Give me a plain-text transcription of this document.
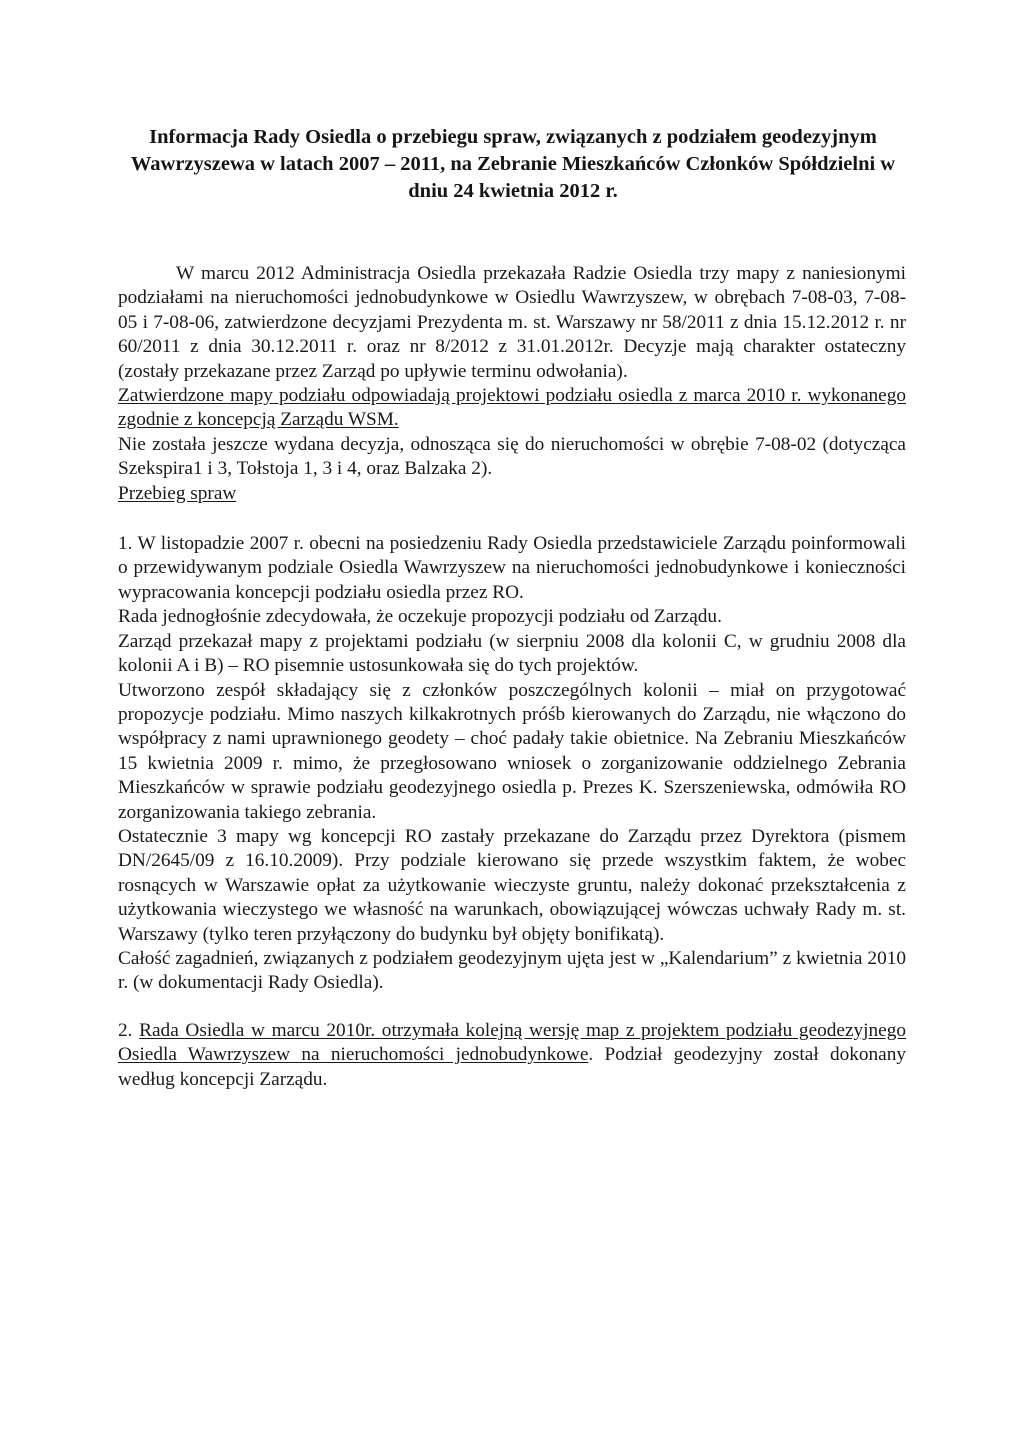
Informacja Rady Osiedla o przebiegu spraw, związanych z podziałem geodezyjnym Wawrzyszewa w latach 2007 – 2011, na Zebranie Mieszkańców Członków Spółdzielni w dniu 24 kwietnia 2012 r.

W marcu 2012 Administracja Osiedla przekazała Radzie Osiedla trzy mapy z naniesionymi podziałami na nieruchomości jednobudynkowe w Osiedlu Wawrzyszew, w obrębach 7-08-03, 7-08-05 i 7-08-06, zatwierdzone decyzjami Prezydenta m. st. Warszawy nr 58/2011 z dnia 15.12.2012 r. nr 60/2011 z dnia 30.12.2011 r. oraz nr 8/2012 z 31.01.2012r. Decyzje mają charakter ostateczny (zostały przekazane przez Zarząd po upływie terminu odwołania).

Zatwierdzone mapy podziału odpowiadają projektowi podziału osiedla z marca 2010 r. wykonanego zgodnie z koncepcją Zarządu WSM.

Nie została jeszcze wydana decyzja, odnosząca się do nieruchomości w obrębie 7-08-02 (dotycząca Szekspira1 i 3, Tołstoja 1, 3 i 4, oraz Balzaka 2).

Przebieg spraw

1. W listopadzie 2007 r. obecni na posiedzeniu Rady Osiedla przedstawiciele Zarządu poinformowali o przewidywanym podziale Osiedla Wawrzyszew na nieruchomości jednobudynkowe i konieczności wypracowania koncepcji podziału osiedla przez RO.

Rada jednogłośnie zdecydowała, że oczekuje propozycji podziału od Zarządu.

Zarząd przekazał mapy z projektami podziału (w sierpniu 2008 dla kolonii C, w grudniu 2008 dla kolonii A i B) – RO pisemnie ustosunkowała się do tych projektów.

Utworzono zespół składający się z członków poszczególnych kolonii – miał on przygotować propozycje podziału. Mimo naszych kilkakrotnych próśb kierowanych do Zarządu, nie włączono do współpracy z nami uprawnionego geodety – choć padały takie obietnice. Na Zebraniu Mieszkańców 15 kwietnia 2009 r. mimo, że przegłosowano wniosek o zorganizowanie oddzielnego Zebrania Mieszkańców w sprawie podziału geodezyjnego osiedla p. Prezes K. Szerszeniewska, odmówiła RO zorganizowania takiego zebrania.

Ostatecznie 3 mapy wg koncepcji RO zastały przekazane do Zarządu przez Dyrektora (pismem DN/2645/09 z 16.10.2009). Przy podziale kierowano się przede wszystkim faktem, że wobec rosnących w Warszawie opłat za użytkowanie wieczyste gruntu, należy dokonać przekształcenia z użytkowania wieczystego we własność na warunkach, obowiązującej wówczas uchwały Rady m. st. Warszawy (tylko teren przyłączony do budynku był objęty bonifikatą).

Całość zagadnień, związanych z podziałem geodezyjnym ujęta jest w „Kalendarium” z kwietnia 2010 r. (w dokumentacji Rady Osiedla).

2. Rada Osiedla w marcu 2010r. otrzymała kolejną wersję map z projektem podziału geodezyjnego Osiedla Wawrzyszew na nieruchomości jednobudynkowe. Podział geodezyjny został dokonany według koncepcji Zarządu.
